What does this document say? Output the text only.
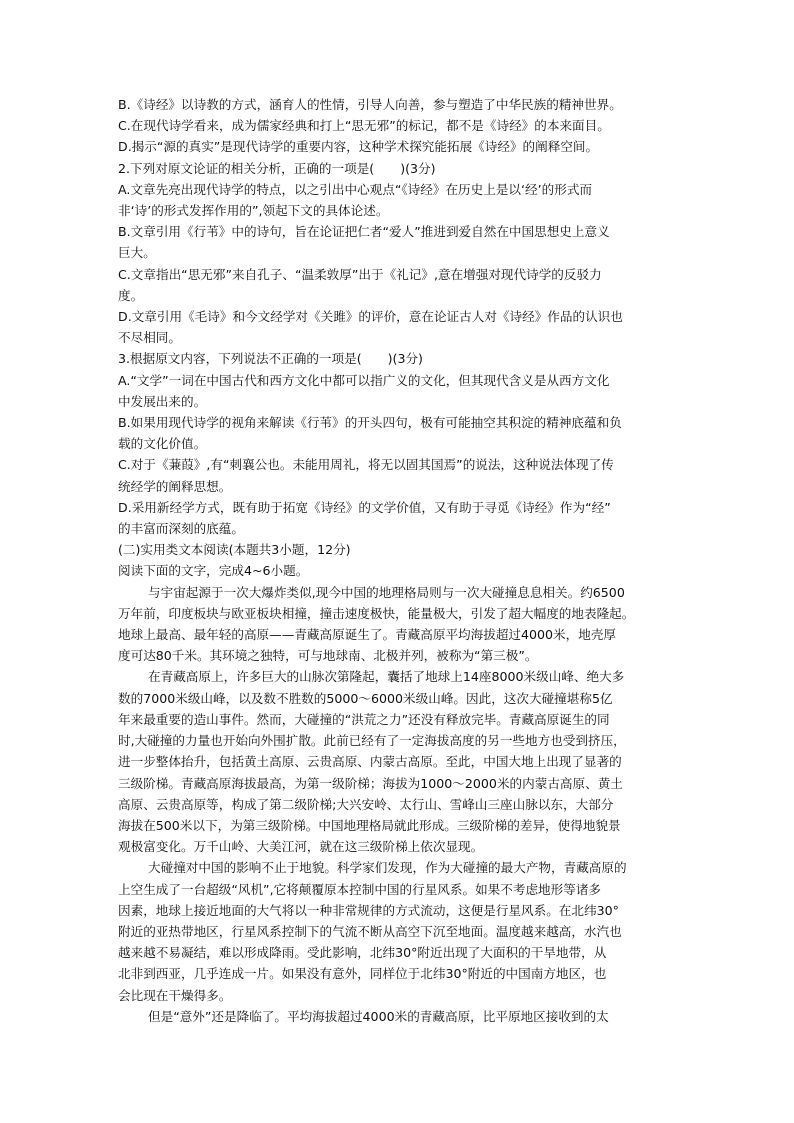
B.《诗经》以诗教的方式，涵育人的性情，引导人向善，参与塑造了中华民族的精神世界。
C.在现代诗学看来，成为儒家经典和打上“思无邪”的标记，都不是《诗经》的本来面目。
D.揭示“源的真实”是现代诗学的重要内容，这种学术探究能拓展《诗经》的阐释空间。
2.下列对原文论证的相关分析，正确的一项是( )(3分)
A.文章先亮出现代诗学的特点，以之引出中心观点“《诗经》在历史上是以‘经’的形式而
非‘诗’的形式发挥作用的”,领起下文的具体论述。
B.文章引用《行苇》中的诗句，旨在论证把仁者“爱人”推进到爱自然在中国思想史上意义
巨大。
C.文章指出“思无邪”来自孔子、“温柔敦厚”出于《礼记》,意在增强对现代诗学的反驳力
度。
D.文章引用《毛诗》和今文经学对《关雎》的评价，意在论证古人对《诗经》作品的认识也
不尽相同。
3.根据原文内容，下列说法不正确的一项是( )(3分)
A.“文学”一词在中国古代和西方文化中都可以指广义的文化，但其现代含义是从西方文化
中发展出来的。
B.如果用现代诗学的视角来解读《行苇》的开头四句，极有可能抽空其积淀的精神底蕴和负
载的文化价值。
C.对于《蒹葭》,有“刺襄公也。未能用周礼，将无以固其国焉”的说法，这种说法体现了传
统经学的阐释思想。
D.采用新经学方式，既有助于拓宽《诗经》的文学价值，又有助于寻觅《诗经》作为“经”
的丰富而深刻的底蕴。
(二)实用类文本阅读(本题共3小题，12分)
阅读下面的文字，完成4~6小题。
与宇宙起源于一次大爆炸类似,现今中国的地理格局则与一次大碰撞息息相关。约6500
万年前，印度板块与欧亚板块相撞，撞击速度极快，能量极大，引发了超大幅度的地表隆起。
地球上最高、最年轻的高原——青藏高原诞生了。青藏高原平均海拔超过4000米，地壳厚
度可达80千米。其环境之独特，可与地球南、北极并列，被称为“第三极”。
在青藏高原上，许多巨大的山脉次第隆起，囊括了地球上14座8000米级山峰、绝大多
数的7000米级山峰，以及数不胜数的5000～6000米级山峰。因此，这次大碰撞堪称5亿
年来最重要的造山事件。然而，大碰撞的“洪荒之力”还没有释放完毕。青藏高原诞生的同
时,大碰撞的力量也开始向外围扩散。此前已经有了一定海拔高度的另一些地方也受到挤压，
进一步整体抬升，包括黄土高原、云贵高原、内蒙古高原。至此，中国大地上出现了显著的
三级阶梯。青藏高原海拔最高，为第一级阶梯；海拔为1000～2000米的内蒙古高原、黄土
高原、云贵高原等，构成了第二级阶梯;大兴安岭、太行山、雪峰山三座山脉以东，大部分
海拔在500米以下，为第三级阶梯。中国地理格局就此形成。三级阶梯的差异，使得地貌景
观极富变化。万千山岭、大美江河，就在这三级阶梯上依次显现。
大碰撞对中国的影响不止于地貌。科学家们发现，作为大碰撞的最大产物，青藏高原的
上空生成了一台超级“风机”,它将颠覆原本控制中国的行星风系。如果不考虑地形等诸多
因素，地球上接近地面的大气将以一种非常规律的方式流动，这便是行星风系。在北纬30°
附近的亚热带地区，行星风系控制下的气流不断从高空下沉至地面。温度越来越高，水汽也
越来越不易凝结，难以形成降雨。受此影响，北纬30°附近出现了大面积的干旱地带，从
北非到西亚，几乎连成一片。如果没有意外，同样位于北纬30°附近的中国南方地区，也
会比现在干燥得多。
但是“意外”还是降临了。平均海拔超过4000米的青藏高原，比平原地区接收到的太
